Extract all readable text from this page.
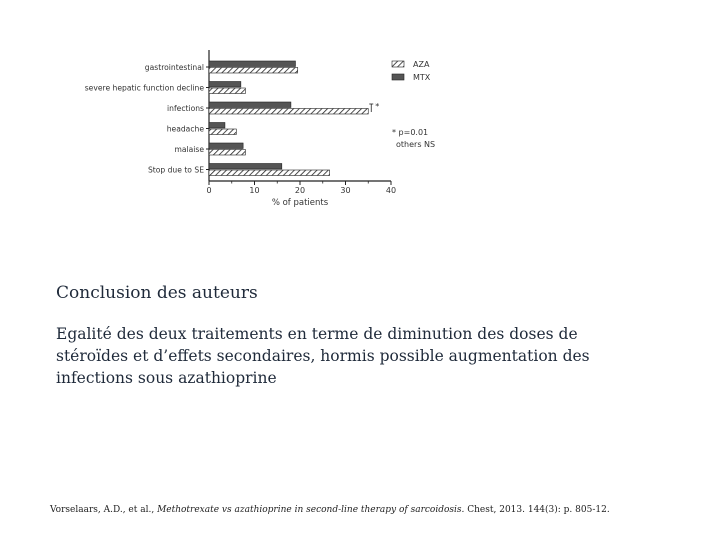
0	10	20	30	40
% of patients
gastrointestinal
severe hepatic function decline
infections
headache
malaise
Stop due to SE
*
AZA
MTX
* p=0.01
others NS
Conclusion des auteurs

Egalité des deux traitements en terme de diminution des doses de stéroïdes et d’effets secondaires, hormis possible augmentation des infections sous azathioprine

Vorselaars, A.D., et al., Methotrexate vs azathioprine in second-line therapy of sarcoidosis. Chest, 2013. 144(3): p. 805-12.
